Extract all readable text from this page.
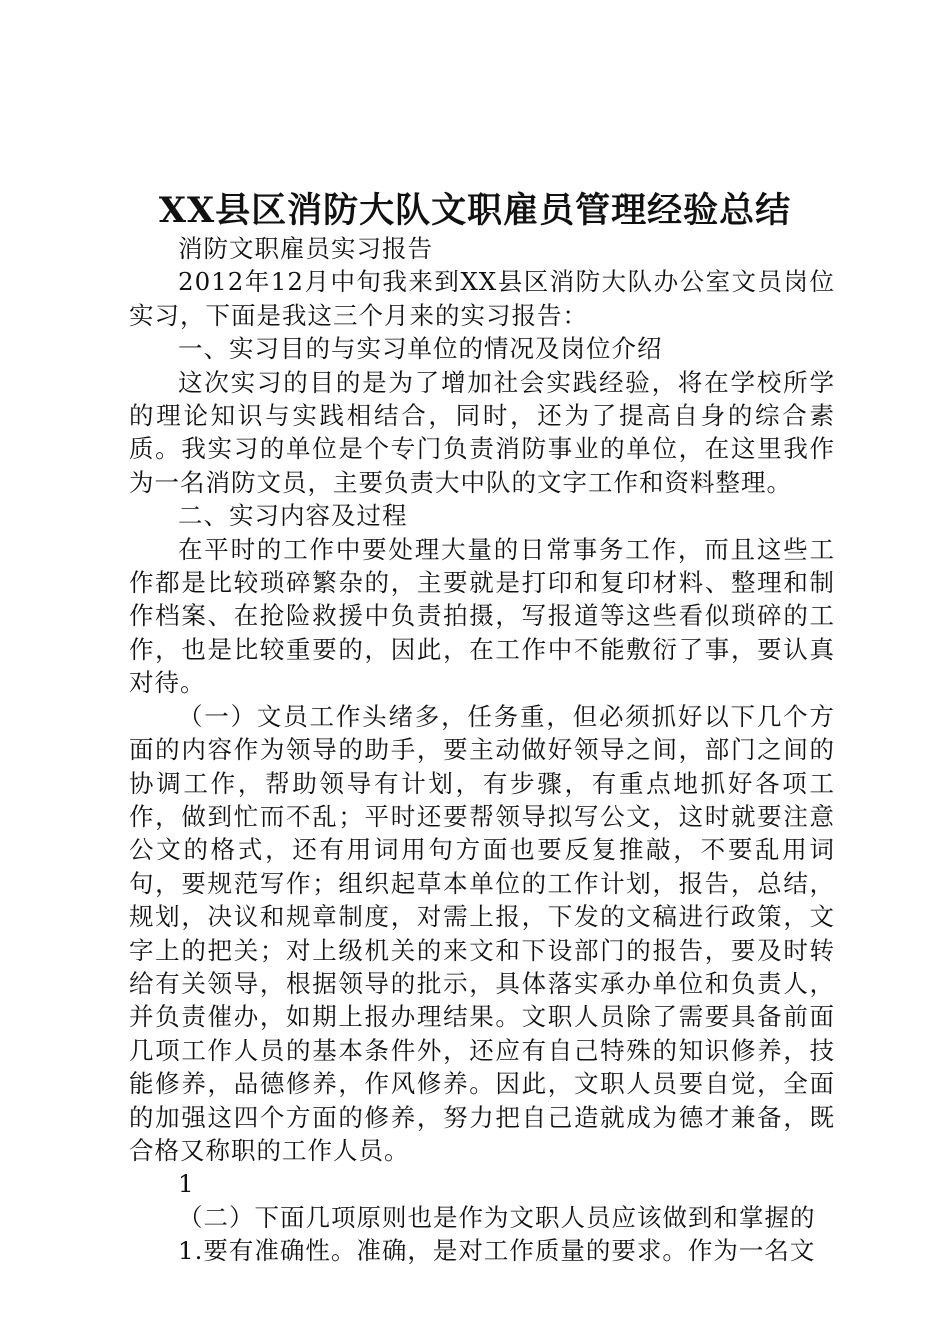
XX县区消防大队文职雇员管理经验总结

消防文职雇员实习报告

2012年12月中旬我来到XX县区消防大队办公室文员岗位实习，下面是我这三个月来的实习报告：

一、实习目的与实习单位的情况及岗位介绍

这次实习的目的是为了增加社会实践经验，将在学校所学的理论知识与实践相结合，同时，还为了提高自身的综合素质。我实习的单位是个专门负责消防事业的单位，在这里我作为一名消防文员，主要负责大中队的文字工作和资料整理。

二、实习内容及过程

在平时的工作中要处理大量的日常事务工作，而且这些工作都是比较琐碎繁杂的，主要就是打印和复印材料、整理和制作档案、在抢险救援中负责拍摄，写报道等这些看似琐碎的工作，也是比较重要的，因此，在工作中不能敷衍了事，要认真对待。

（一）文员工作头绪多，任务重，但必须抓好以下几个方面的内容作为领导的助手，要主动做好领导之间，部门之间的协调工作，帮助领导有计划，有步骤，有重点地抓好各项工作，做到忙而不乱；平时还要帮领导拟写公文，这时就要注意公文的格式，还有用词用句方面也要反复推敲，不要乱用词句，要规范写作；组织起草本单位的工作计划，报告，总结，规划，决议和规章制度，对需上报，下发的文稿进行政策，文字上的把关；对上级机关的来文和下设部门的报告，要及时转给有关领导，根据领导的批示，具体落实承办单位和负责人，并负责催办，如期上报办理结果。文职人员除了需要具备前面几项工作人员的基本条件外，还应有自己特殊的知识修养，技能修养，品德修养，作风修养。因此，文职人员要自觉，全面的加强这四个方面的修养，努力把自己造就成为德才兼备，既合格又称职的工作人员。

1

（二）下面几项原则也是作为文职人员应该做到和掌握的

1.要有准确性。准确，是对工作质量的要求。作为一名文
